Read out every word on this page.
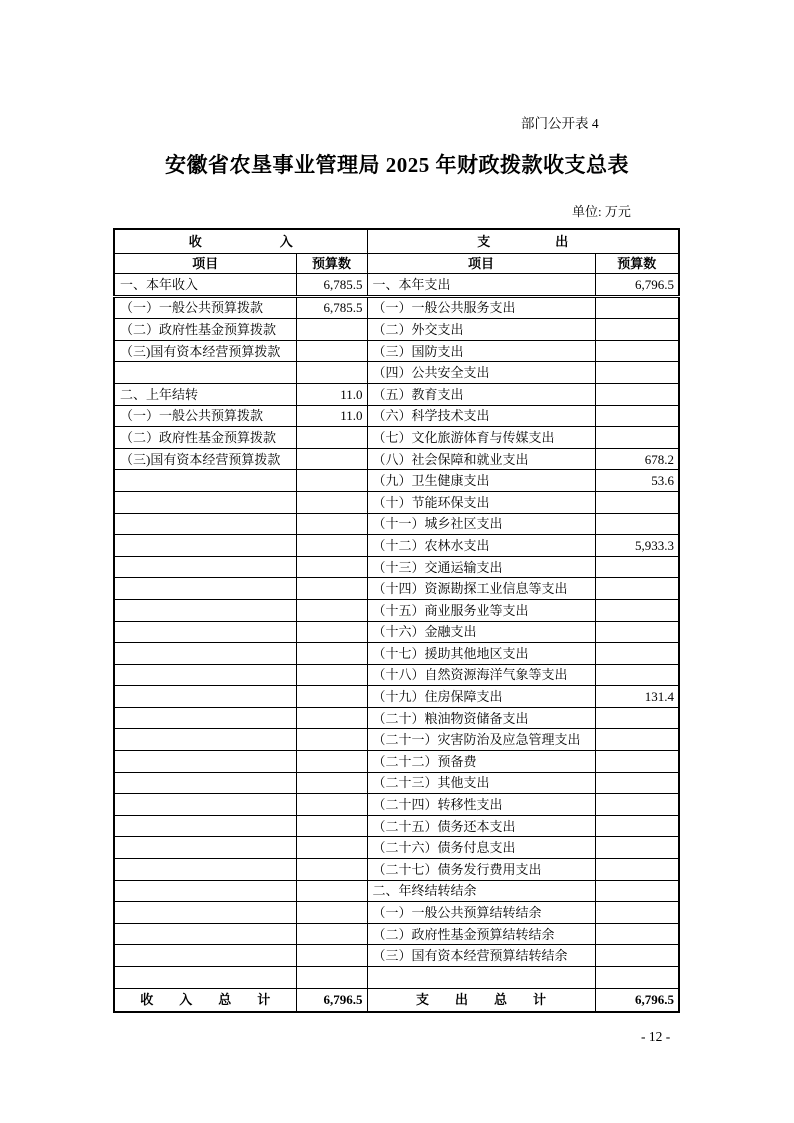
部门公开表 4
安徽省农垦事业管理局 2025 年财政拨款收支总表
单位: 万元
收　　　　　　入		支　　　　　出	
项目	预算数	项目	预算数
一、本年收入	6,785.5	一、本年支出	6,796.5
（一）一般公共预算拨款	6,785.5	（一）一般公共服务支出	
（二）政府性基金预算拨款		（二）外交支出	
（三)国有资本经营预算拨款		（三）国防支出	
		（四）公共安全支出	
二、上年结转	11.0	（五）教育支出	
（一）一般公共预算拨款	11.0	（六）科学技术支出	
（二）政府性基金预算拨款		（七）文化旅游体育与传媒支出	
（三)国有资本经营预算拨款		（八）社会保障和就业支出	678.2
		（九）卫生健康支出	53.6
		（十）节能环保支出	
		（十一）城乡社区支出	
		（十二）农林水支出	5,933.3
		（十三）交通运输支出	
		（十四）资源勘探工业信息等支出	
		（十五）商业服务业等支出	
		（十六）金融支出	
		（十七）援助其他地区支出	
		（十八）自然资源海洋气象等支出	
		（十九）住房保障支出	131.4
		（二十）粮油物资储备支出	
		（二十一）灾害防治及应急管理支出	
		（二十二）预备费	
		（二十三）其他支出	
		（二十四）转移性支出	
		（二十五）债务还本支出	
		（二十六）债务付息支出	
		（二十七）债务发行费用支出	
		二、年终结转结余	
		（一）一般公共预算结转结余	
		（二）政府性基金预算结转结余	
		（三）国有资本经营预算结转结余	

收　　入　　总　　计	6,796.5	支　　出　　总　　计	6,796.5
- 12 -
